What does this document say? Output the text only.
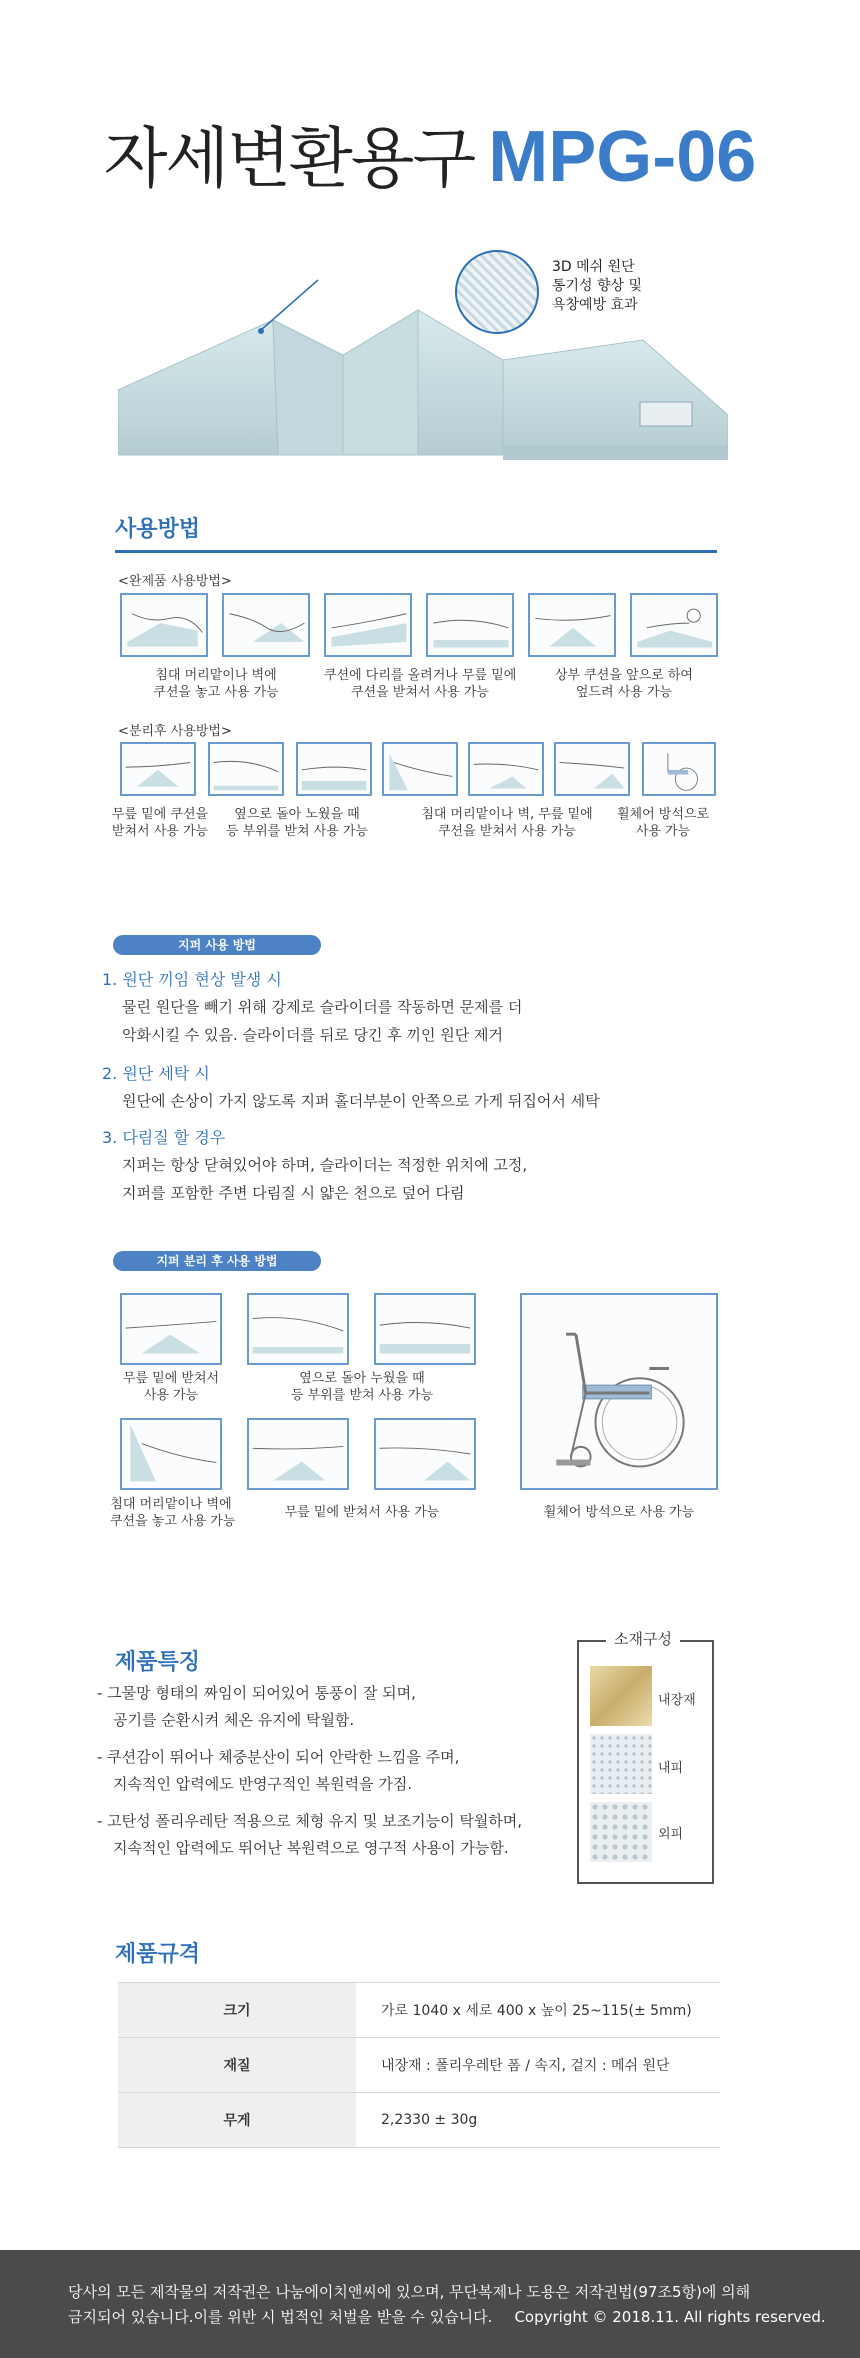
자세변환용구 MPG-06
3D 메쉬 원단
통기성 향상 및
욕창예방 효과
사용방법
<완제품 사용방법>
침대 머리맡이나 벽에
쿠션을 놓고 사용 가능
쿠션에 다리를 올려거나 무릎 밑에
쿠션을 받쳐서 사용 가능
상부 쿠션을 앞으로 하여
엎드려 사용 가능
<분리후 사용방법>
무릎 밑에 쿠션을
받쳐서 사용 가능
옆으로 돌아 노웠을 때
등 부위를 받쳐 사용 가능
침대 머리맡이나 벽, 무릎 밑에
쿠션을 받쳐서 사용 가능
휠체어 방석으로
사용 가능
지퍼 사용 방법
1. 원단 끼임 현상 발생 시
물린 원단을 빼기 위해 강제로 슬라이더를 작동하면 문제를 더
악화시킬 수 있음. 슬라이더를 뒤로 당긴 후 끼인 원단 제거
2. 원단 세탁 시
원단에 손상이 가지 않도록 지퍼 홀더부분이 안쪽으로 가게 뒤집어서 세탁
3. 다림질 할 경우
지퍼는 항상 닫혀있어야 하며, 슬라이더는 적정한 위치에 고정,
지퍼를 포함한 주변 다림질 시 얇은 천으로 덮어 다림
지퍼 분리 후 사용 방법
무릎 밑에 받쳐서
사용 가능
옆으로 돌아 누웠을 때
등 부위를 받쳐 사용 가능
침대 머리맡이나 벽에
쿠션을 놓고 사용 가능
무릎 밑에 받쳐서 사용 가능	휠체어 방석으로 사용 가능
제품특징
- 그물망 형태의 짜임이 되어있어 통풍이 잘 되며,
공기를 순환시켜 체온 유지에 탁월함.
- 쿠션감이 뛰어나 체중분산이 되어 안락한 느낌을 주며,
지속적인 압력에도 반영구적인 복원력을 가짐.
- 고탄성 폴리우레탄 적용으로 체형 유지 및 보조기능이 탁월하며,
지속적인 압력에도 뛰어난 복원력으로 영구적 사용이 가능함.
소재구성
내장재
내피
외피
제품규격
크기	가로 1040 x 세로 400 x 높이 25~115(± 5mm)
재질	내장재 : 폴리우레탄 폼 / 속지, 겉지 : 메쉬 원단
무게	2,2330 ± 30g
당사의 모든 제작물의 저작권은 나눔에이치앤씨에 있으며, 무단복제나 도용은 저작권법(97조5항)에 의해
금지되어 있습니다.이를 위반 시 법적인 처벌을 받을 수 있습니다. Copyright © 2018.11. All rights reserved.
